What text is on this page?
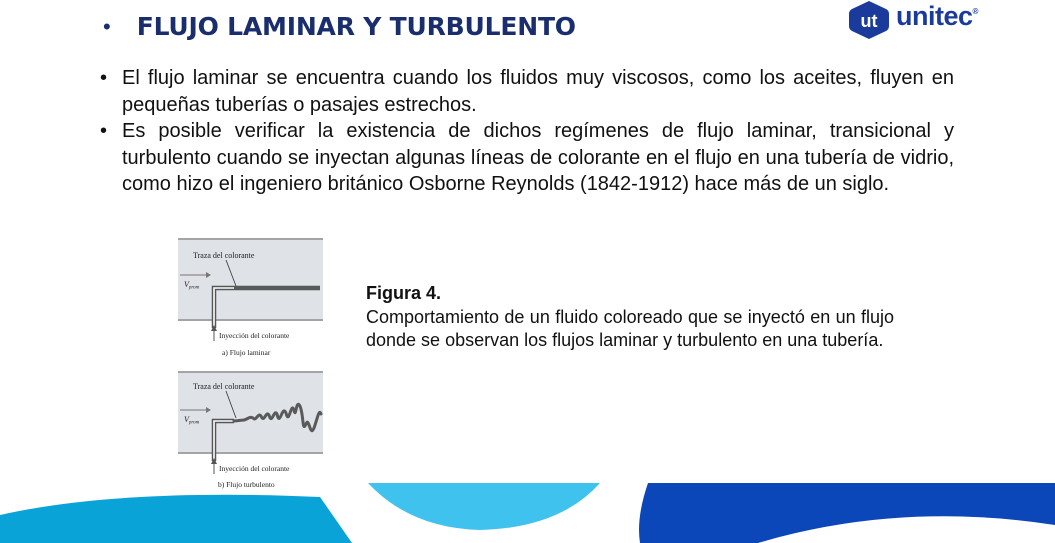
• FLUJO LAMINAR Y TURBULENTO	ut unitec®
• El flujo laminar se encuentra cuando los fluidos muy viscosos, como los aceites, fluyen en pequeñas tuberías o pasajes estrechos.
• Es posible verificar la existencia de dichos regímenes de flujo laminar, transicional y turbulento cuando se inyectan algunas líneas de colorante en el flujo en una tubería de vidrio, como hizo el ingeniero británico Osborne Reynolds (1842-1912) hace más de un siglo.
Traza del colorante
Vprom
Inyección del colorante
a) Flujo laminar
Traza del colorante
Vprom
Inyección del colorante
b) Flujo turbulento
Figura 4.
Comportamiento de un fluido coloreado que se inyectó en un flujo donde se observan los flujos laminar y turbulento en una tubería.
